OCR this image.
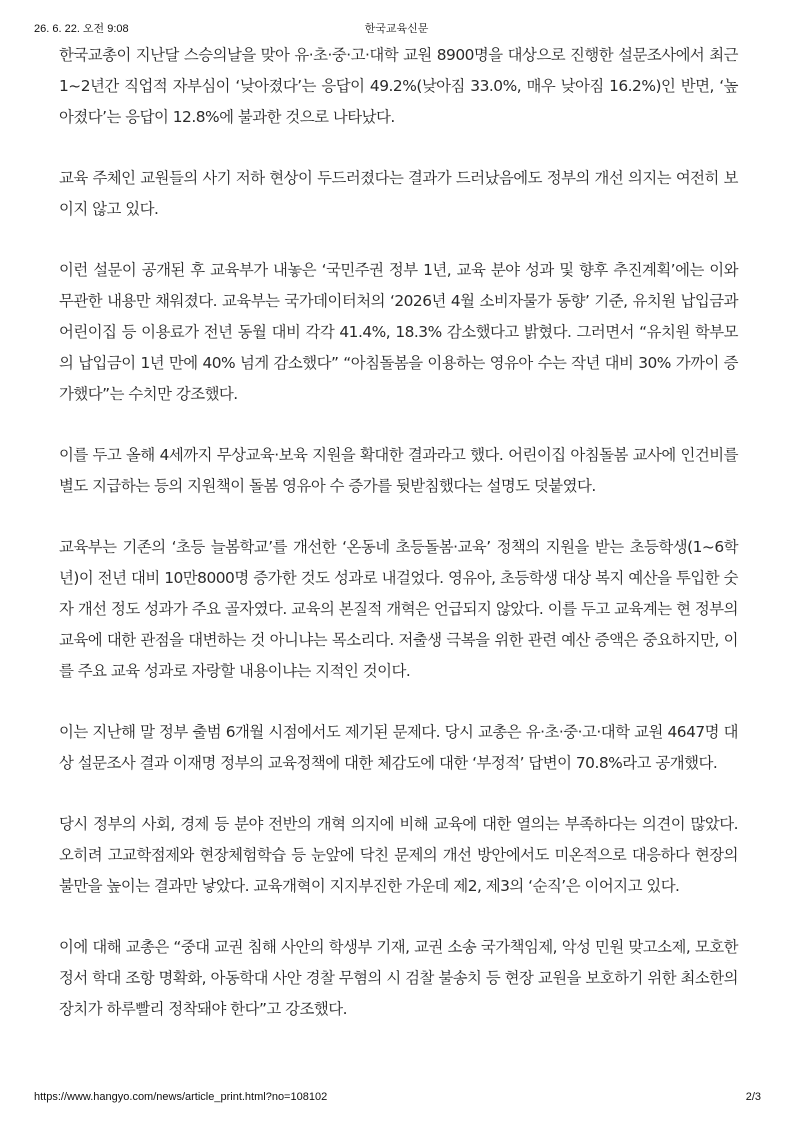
26. 6. 22. 오전 9:08	한국교육신문

한국교총이 지난달 스승의날을 맞아 유·초·중·고·대학 교원 8900명을 대상으로 진행한 설문조사에서 최근 1~2년간 직업적 자부심이 ‘낮아졌다’는 응답이 49.2%(낮아짐 33.0%, 매우 낮아짐 16.2%)인 반면, ‘높아졌다’는 응답이 12.8%에 불과한 것으로 나타났다.

교육 주체인 교원들의 사기 저하 현상이 두드러졌다는 결과가 드러났음에도 정부의 개선 의지는 여전히 보이지 않고 있다.

이런 설문이 공개된 후 교육부가 내놓은 ‘국민주권 정부 1년, 교육 분야 성과 및 향후 추진계획’에는 이와 무관한 내용만 채워졌다. 교육부는 국가데이터처의 ‘2026년 4월 소비자물가 동향’ 기준, 유치원 납입금과 어린이집 등 이용료가 전년 동월 대비 각각 41.4%, 18.3% 감소했다고 밝혔다. 그러면서 “유치원 학부모의 납입금이 1년 만에 40% 넘게 감소했다” “아침돌봄을 이용하는 영유아 수는 작년 대비 30% 가까이 증가했다”는 수치만 강조했다.

이를 두고 올해 4세까지 무상교육·보육 지원을 확대한 결과라고 했다. 어린이집 아침돌봄 교사에 인건비를 별도 지급하는 등의 지원책이 돌봄 영유아 수 증가를 뒷받침했다는 설명도 덧붙였다.

교육부는 기존의 ‘초등 늘봄학교’를 개선한 ‘온동네 초등돌봄·교육’ 정책의 지원을 받는 초등학생(1~6학년)이 전년 대비 10만8000명 증가한 것도 성과로 내걸었다. 영유아, 초등학생 대상 복지 예산을 투입한 숫자 개선 정도 성과가 주요 골자였다. 교육의 본질적 개혁은 언급되지 않았다. 이를 두고 교육계는 현 정부의 교육에 대한 관점을 대변하는 것 아니냐는 목소리다. 저출생 극복을 위한 관련 예산 증액은 중요하지만, 이를 주요 교육 성과로 자랑할 내용이냐는 지적인 것이다.

이는 지난해 말 정부 출범 6개월 시점에서도 제기된 문제다. 당시 교총은 유·초·중·고·대학 교원 4647명 대상 설문조사 결과 이재명 정부의 교육정책에 대한 체감도에 대한 ‘부정적’ 답변이 70.8%라고 공개했다.

당시 정부의 사회, 경제 등 분야 전반의 개혁 의지에 비해 교육에 대한 열의는 부족하다는 의견이 많았다. 오히려 고교학점제와 현장체험학습 등 눈앞에 닥친 문제의 개선 방안에서도 미온적으로 대응하다 현장의 불만을 높이는 결과만 낳았다. 교육개혁이 지지부진한 가운데 제2, 제3의 ‘순직’은 이어지고 있다.

이에 대해 교총은 “중대 교권 침해 사안의 학생부 기재, 교권 소송 국가책임제, 악성 민원 맞고소제, 모호한 정서 학대 조항 명확화, 아동학대 사안 경찰 무혐의 시 검찰 불송치 등 현장 교원을 보호하기 위한 최소한의 장치가 하루빨리 정착돼야 한다”고 강조했다.

https://www.hangyo.com/news/article_print.html?no=108102	2/3
